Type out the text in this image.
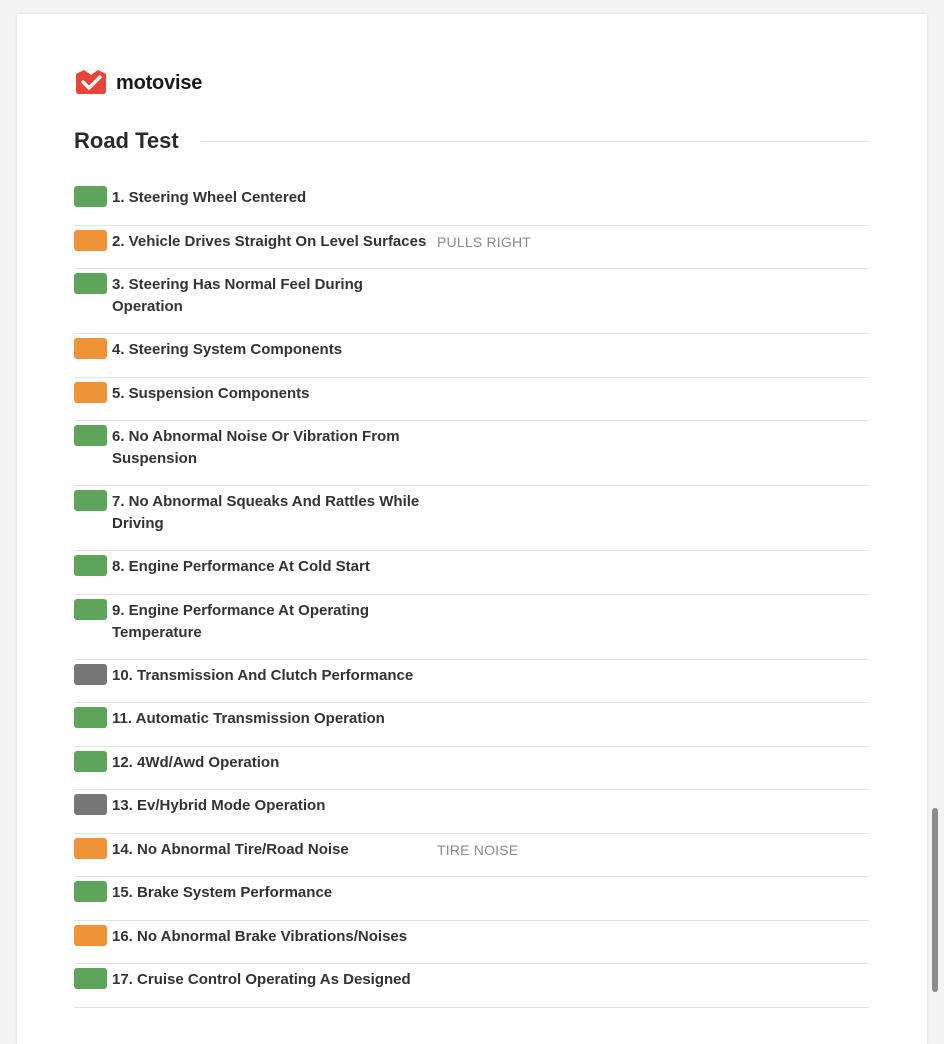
motovise
Road Test
1. Steering Wheel Centered
2. Vehicle Drives Straight On Level Surfaces PULLS RIGHT
3. Steering Has Normal Feel During Operation
4. Steering System Components
5. Suspension Components
6. No Abnormal Noise Or Vibration From Suspension
7. No Abnormal Squeaks And Rattles While Driving
8. Engine Performance At Cold Start
9. Engine Performance At Operating Temperature
10. Transmission And Clutch Performance
11. Automatic Transmission Operation
12. 4Wd/Awd Operation
13. Ev/Hybrid Mode Operation
14. No Abnormal Tire/Road Noise	TIRE NOISE
15. Brake System Performance
16. No Abnormal Brake Vibrations/Noises
17. Cruise Control Operating As Designed
